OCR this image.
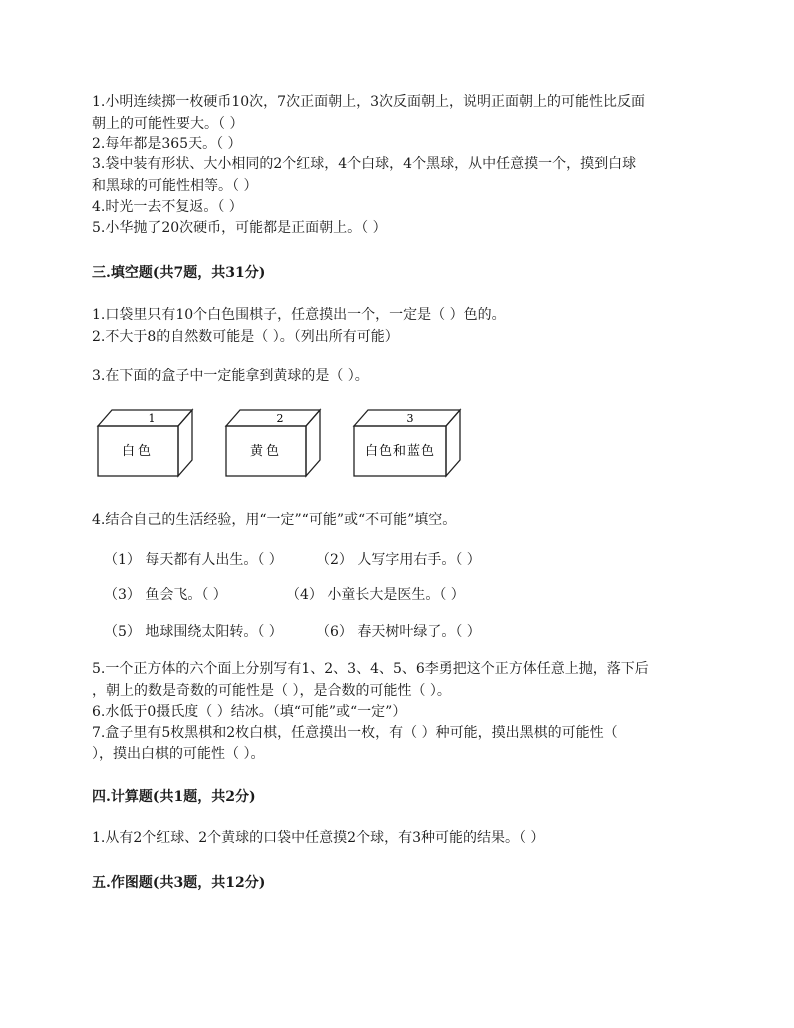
1.小明连续掷一枚硬币10次，7次正面朝上，3次反面朝上，说明正面朝上的可能性比反面
朝上的可能性要大。（ ）
2.每年都是365天。（ ）
3.袋中装有形状、大小相同的2个红球，4个白球，4个黑球，从中任意摸一个，摸到白球
和黑球的可能性相等。（ ）
4.时光一去不复返。（ ）
5.小华抛了20次硬币，可能都是正面朝上。（ ）
三.填空题(共7题，共31分)
1.口袋里只有10个白色围棋子，任意摸出一个，一定是（ ）色的。
2.不大于8的自然数可能是（ ）。（列出所有可能）
3.在下面的盒子中一定能拿到黄球的是（ ）。
1
白色
2
黄色
3
白色和蓝色
4.结合自己的生活经验，用“一定”“可能”或“不可能”填空。
（1） 每天都有人出生。（ ） （2） 人写字用右手。（ ）
（3） 鱼会飞。（ ）	（4） 小童长大是医生。（ ）
（5） 地球围绕太阳转。（ ） （6） 春天树叶绿了。（ ）
5.一个正方体的六个面上分别写有1、2、3、4、5、6李勇把这个正方体任意上抛，落下后
，朝上的数是奇数的可能性是（ ），是合数的可能性（ ）。
6.水低于0摄氏度（ ）结冰。（填“可能”或“一定”）
7.盒子里有5枚黑棋和2枚白棋，任意摸出一枚，有（ ）种可能，摸出黑棋的可能性（
），摸出白棋的可能性（ ）。
四.计算题(共1题，共2分)
1.从有2个红球、2个黄球的口袋中任意摸2个球，有3种可能的结果。（ ）
五.作图题(共3题，共12分)
